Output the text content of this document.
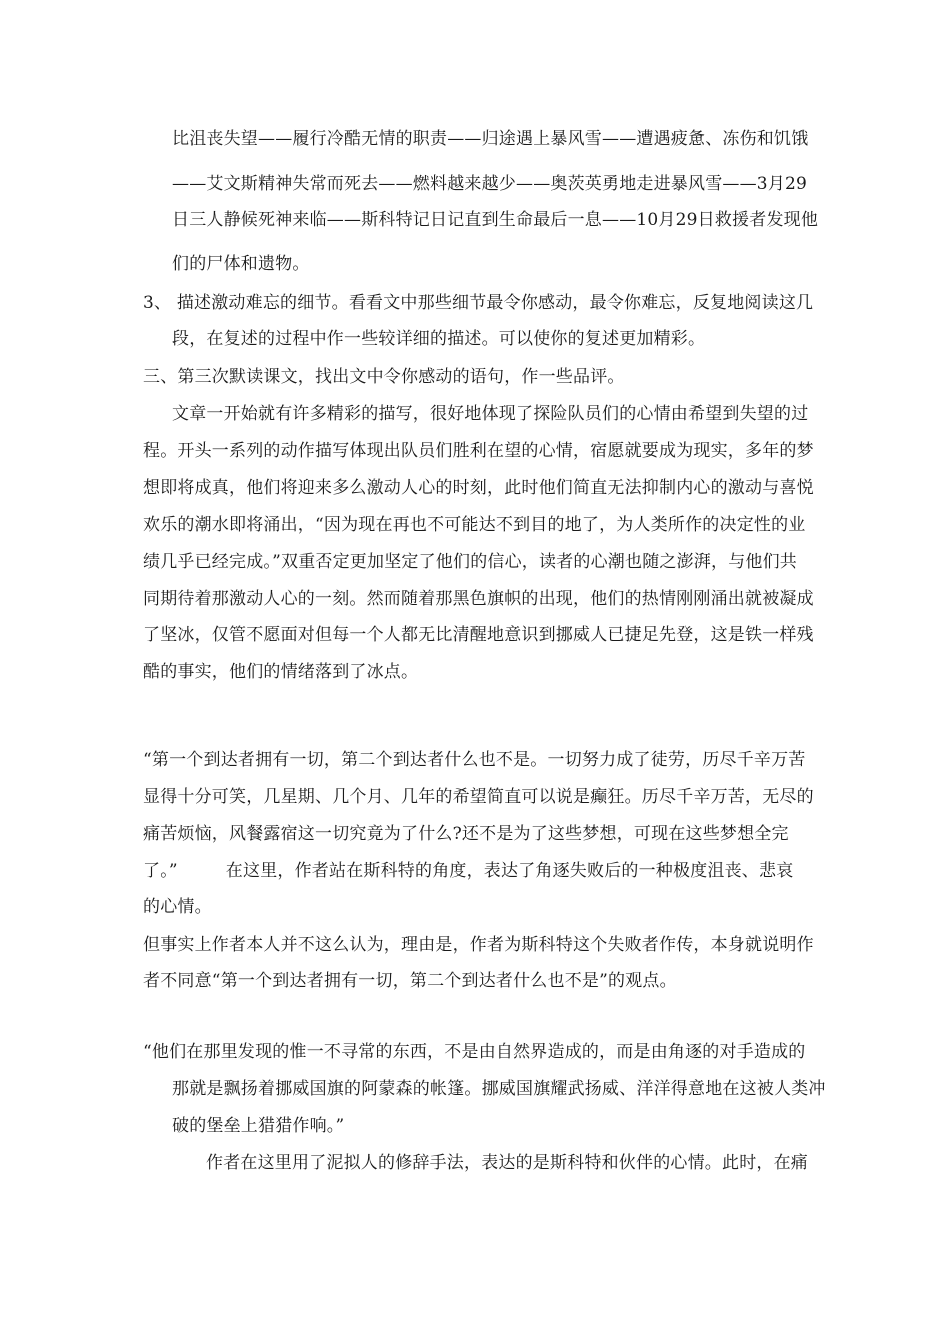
比沮丧失望——履行冷酷无情的职责——归途遇上暴风雪——遭遇疲惫、冻伤和饥饿
——艾文斯精神失常而死去——燃料越来越少——奥茨英勇地走进暴风雪——3月29
日三人静候死神来临——斯科特记日记直到生命最后一息——10月29日救援者发现他
们的尸体和遗物。
3、 描述激动难忘的细节。看看文中那些细节最令你感动，最令你难忘，反复地阅读这几
段，在复述的过程中作一些较详细的描述。可以使你的复述更加精彩。
三、第三次默读课文，找出文中令你感动的语句，作一些品评。
文章一开始就有许多精彩的描写，很好地体现了探险队员们的心情由希望到失望的过
程。开头一系列的动作描写体现出队员们胜利在望的心情，宿愿就要成为现实，多年的梦
想即将成真，他们将迎来多么激动人心的时刻，此时他们简直无法抑制内心的激动与喜悦
欢乐的潮水即将涌出，“因为现在再也不可能达不到目的地了，为人类所作的决定性的业
绩几乎已经完成。”双重否定更加坚定了他们的信心，读者的心潮也随之澎湃，与他们共
同期待着那激动人心的一刻。然而随着那黑色旗帜的出现，他们的热情刚刚涌出就被凝成
了坚冰，仅管不愿面对但每一个人都无比清醒地意识到挪威人已捷足先登，这是铁一样残
酷的事实，他们的情绪落到了冰点。
“第一个到达者拥有一切，第二个到达者什么也不是。一切努力成了徒劳，历尽千辛万苦
显得十分可笑，几星期、几个月、几年的希望简直可以说是癫狂。历尽千辛万苦，无尽的
痛苦烦恼，风餐露宿这一切究竟为了什么?还不是为了这些梦想，可现在这些梦想全完
了。”	在这里，作者站在斯科特的角度，表达了角逐失败后的一种极度沮丧、悲哀
的心情。
但事实上作者本人并不这么认为，理由是，作者为斯科特这个失败者作传，本身就说明作
者不同意“第一个到达者拥有一切，第二个到达者什么也不是”的观点。
“他们在那里发现的惟一不寻常的东西，不是由自然界造成的，而是由角逐的对手造成的
那就是飘扬着挪威国旗的阿蒙森的帐篷。挪威国旗耀武扬威、洋洋得意地在这被人类冲
破的堡垒上猎猎作响。”
作者在这里用了泥拟人的修辞手法，表达的是斯科特和伙伴的心情。此时，在痛
